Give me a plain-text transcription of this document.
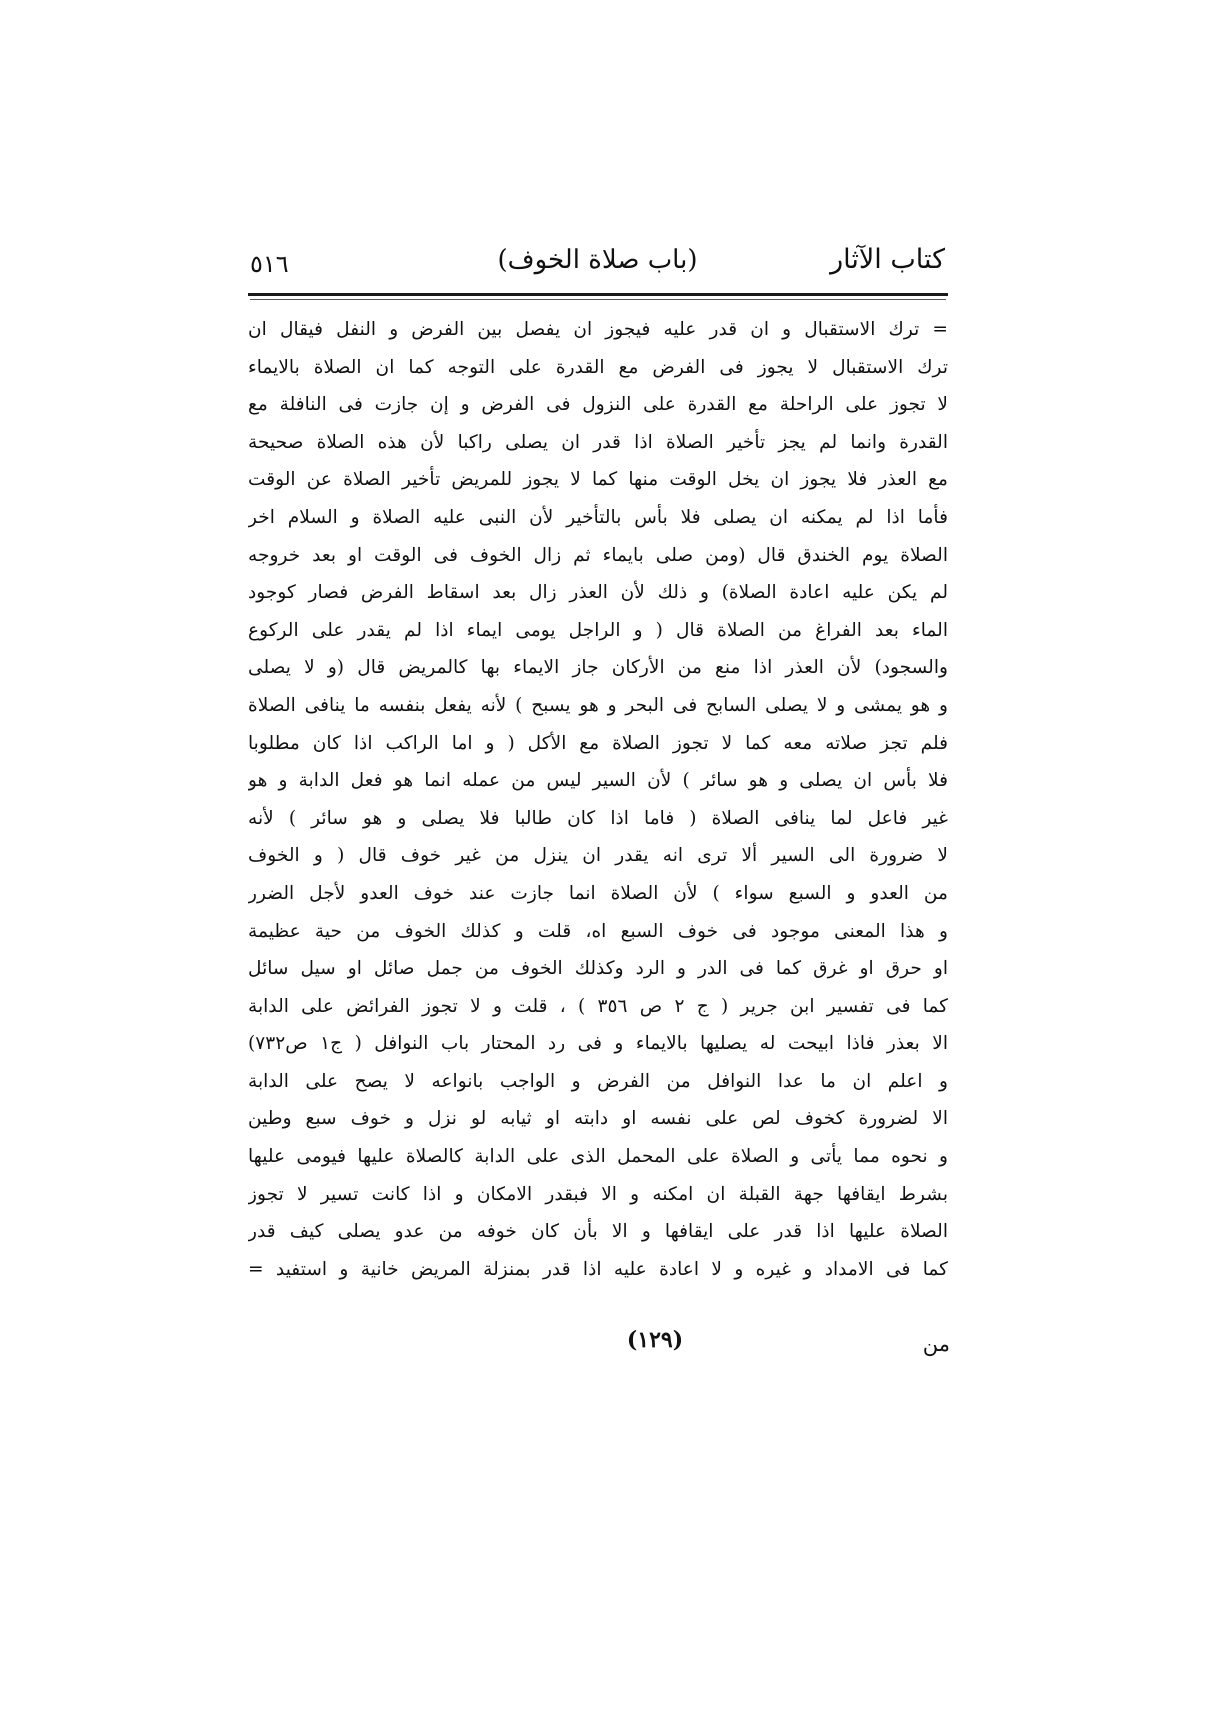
كتاب الآثار
(باب صلاة الخوف)
٥١٦
= ترك الاستقبال و ان قدر عليه فيجوز ان يفصل بين الفرض و النفل فيقال ان
ترك الاستقبال لا يجوز فى الفرض مع القدرة على التوجه كما ان الصلاة بالايماء
لا تجوز على الراحلة مع القدرة على النزول فى الفرض و إن جازت فى النافلة مع
القدرة وانما لم يجز تأخير الصلاة اذا قدر ان يصلى راكبا لأن هذه الصلاة صحيحة
مع العذر فلا يجوز ان يخل الوقت منها كما لا يجوز للمريض تأخير الصلاة عن الوقت
فأما اذا لم يمكنه ان يصلى فلا بأس بالتأخير لأن النبى عليه الصلاة و السلام اخر
الصلاة يوم الخندق قال (ومن صلى بايماء ثم زال الخوف فى الوقت او بعد خروجه
لم يكن عليه اعادة الصلاة) و ذلك لأن العذر زال بعد اسقاط الفرض فصار كوجود
الماء بعد الفراغ من الصلاة قال ( و الراجل يومى ايماء اذا لم يقدر على الركوع
والسجود) لأن العذر اذا منع من الأركان جاز الايماء بها كالمريض قال (و لا يصلى
و هو يمشى و لا يصلى السابح فى البحر و هو يسبح ) لأنه يفعل بنفسه ما ينافى الصلاة
فلم تجز صلاته معه كما لا تجوز الصلاة مع الأكل ( و اما الراكب اذا كان مطلوبا
فلا بأس ان يصلى و هو سائر ) لأن السير ليس من عمله انما هو فعل الدابة و هو
غير فاعل لما ينافى الصلاة ( فاما اذا كان طالبا فلا يصلى و هو سائر ) لأنه
لا ضرورة الى السير ألا ترى انه يقدر ان ينزل من غير خوف قال ( و الخوف
من العدو و السبع سواء ) لأن الصلاة انما جازت عند خوف العدو لأجل الضرر
و هذا المعنى موجود فى خوف السبع اه، قلت و كذلك الخوف من حية عظيمة
او حرق او غرق كما فى الدر و الرد وكذلك الخوف من جمل صائل او سيل سائل
كما فى تفسير ابن جرير ( ج ٢ ص ٣٥٦ ) ، قلت و لا تجوز الفرائض على الدابة
الا بعذر فاذا ابيحت له يصليها بالايماء و فى رد المحتار باب النوافل ( ج١ ص٧٣٢)
و اعلم ان ما عدا النوافل من الفرض و الواجب بانواعه لا يصح على الدابة
الا لضرورة كخوف لص على نفسه او دابته او ثيابه لو نزل و خوف سبع وطين
و نحوه مما يأتى و الصلاة على المحمل الذى على الدابة كالصلاة عليها فيومى عليها
بشرط ايقافها جهة القبلة ان امكنه و الا فبقدر الامكان و اذا كانت تسير لا تجوز
الصلاة عليها اذا قدر على ايقافها و الا بأن كان خوفه من عدو يصلى كيف قدر
كما فى الامداد و غيره و لا اعادة عليه اذا قدر بمنزلة المريض خانية و استفيد =
من
(١٢٩)
